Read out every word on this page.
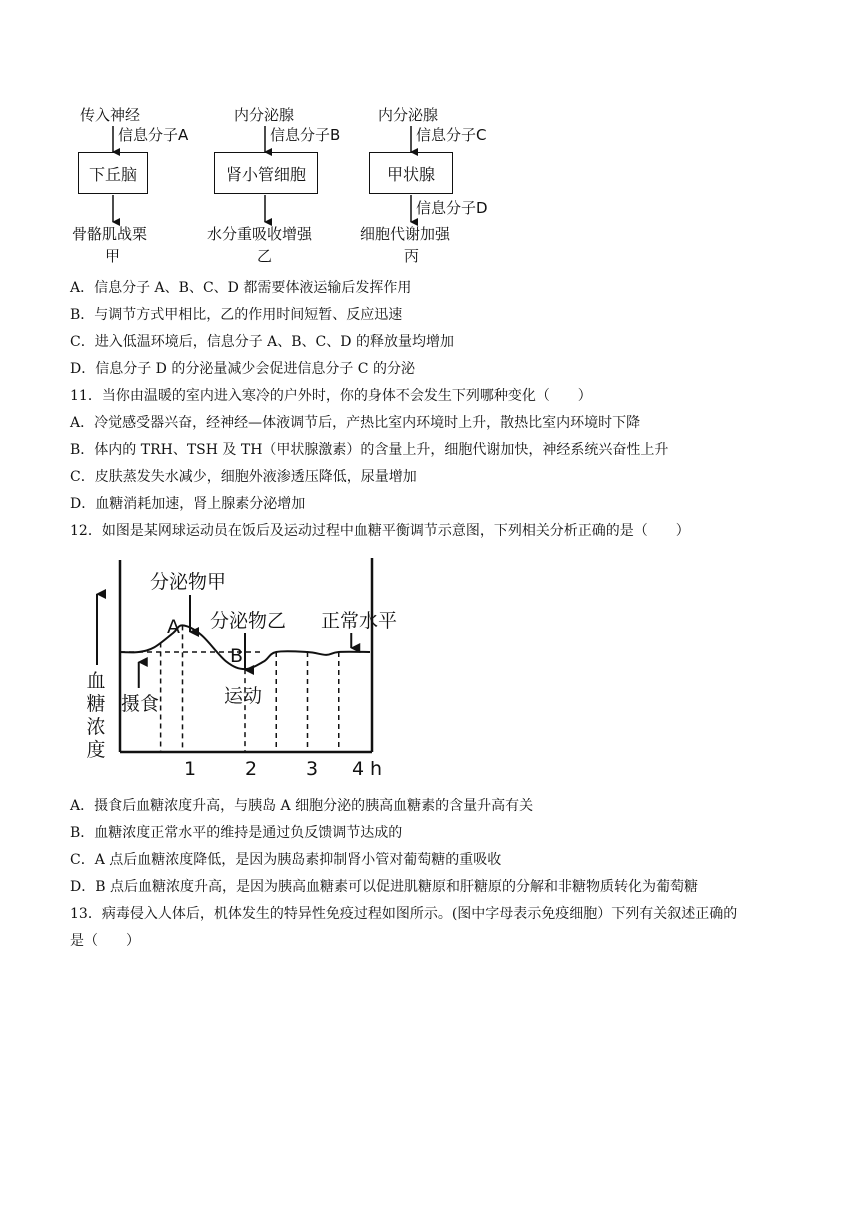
传入神经
信息分子A
下丘脑
骨骼肌战栗
甲
内分泌腺
信息分子B
肾小管细胞
水分重吸收增强
乙
内分泌腺
信息分子C
甲状腺
信息分子D
细胞代谢加强
丙
A．信息分子 A、B、C、D 都需要体液运输后发挥作用
B．与调节方式甲相比，乙的作用时间短暂、反应迅速
C．进入低温环境后，信息分子 A、B、C、D 的释放量均增加
D．信息分子 D 的分泌量减少会促进信息分子 C 的分泌
11．当你由温暖的室内进入寒冷的户外时，你的身体不会发生下列哪种变化（　　）
A．冷觉感受器兴奋，经神经—体液调节后，产热比室内环境时上升，散热比室内环境时下降
B．体内的 TRH、TSH 及 TH（甲状腺激素）的含量上升，细胞代谢加快，神经系统兴奋性上升
C．皮肤蒸发失水减少，细胞外液渗透压降低，尿量增加
D．血糖消耗加速，肾上腺素分泌增加
12．如图是某网球运动员在饭后及运动过程中血糖平衡调节示意图，下列相关分析正确的是（　　）
分泌物甲
分泌物乙 正常水平
摄食	运动
A
B
血
糖
浓
度
1	2	3 4 h
A．摄食后血糖浓度升高，与胰岛 A 细胞分泌的胰高血糖素的含量升高有关
B．血糖浓度正常水平的维持是通过负反馈调节达成的
C．A 点后血糖浓度降低，是因为胰岛素抑制肾小管对葡萄糖的重吸收
D．B 点后血糖浓度升高，是因为胰高血糖素可以促进肌糖原和肝糖原的分解和非糖物质转化为葡萄糖
13．病毒侵入人体后，机体发生的特异性免疫过程如图所示。(图中字母表示免疫细胞）下列有关叙述正确的
是（　　）
